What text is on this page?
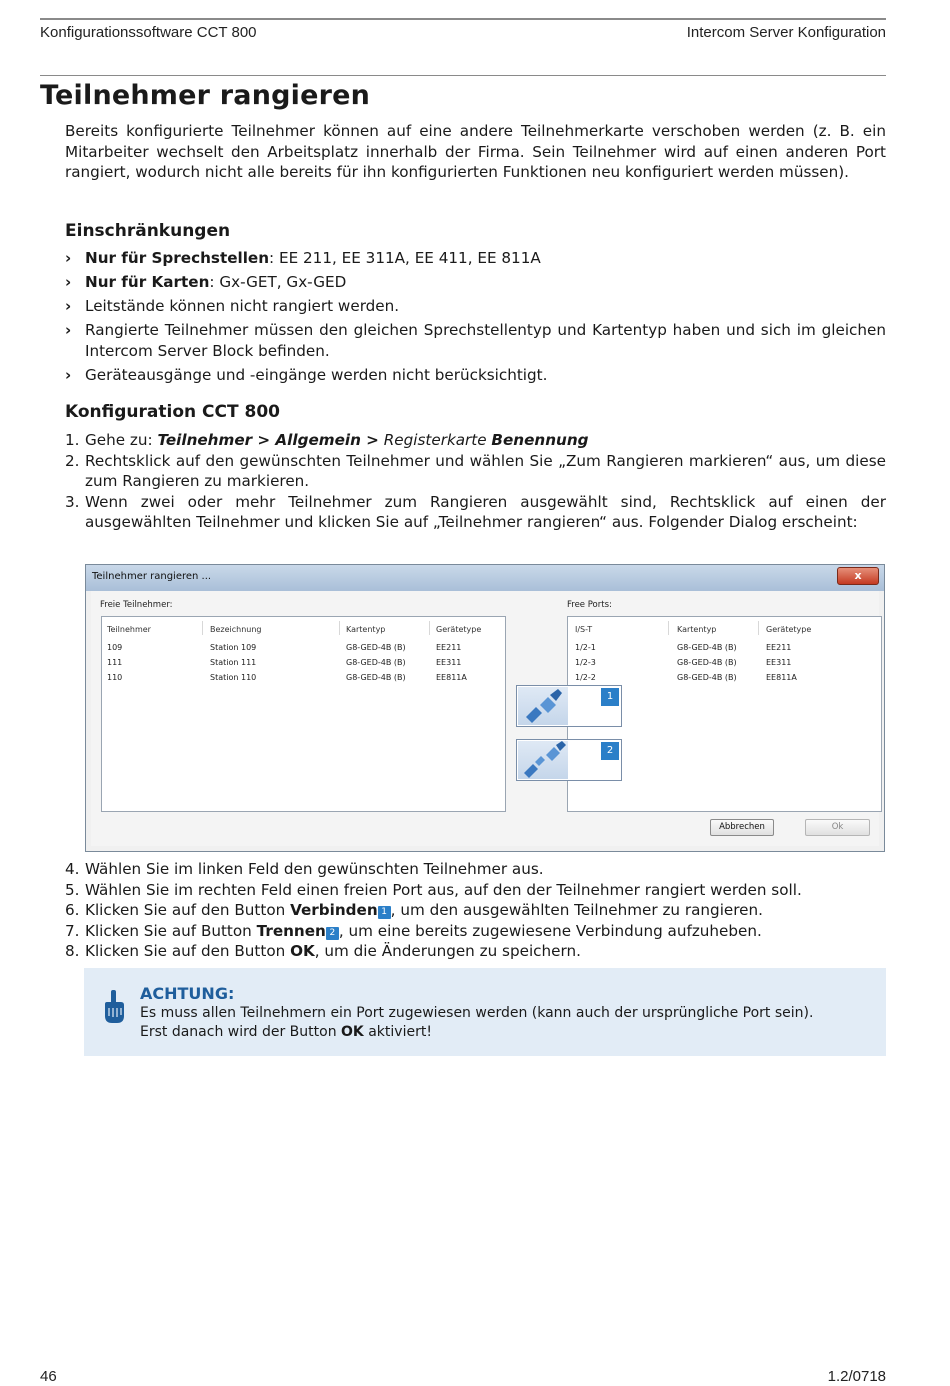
Konfigurationssoftware CCT 800	Intercom Server Konfiguration
Teilnehmer rangieren

Bereits konfigurierte Teilnehmer können auf eine andere Teilnehmerkarte verschoben werden (z. B. ein Mitarbeiter wechselt den Arbeitsplatz innerhalb der Firma. Sein Teilnehmer wird auf einen anderen Port rangiert, wodurch nicht alle bereits für ihn konfigurierten Funktionen neu konfiguriert werden müssen).

Einschränkungen
› Nur für Sprechstellen: EE 211, EE 311A, EE 411, EE 811A
› Nur für Karten: Gx-GET, Gx-GED
› Leitstände können nicht rangiert werden.
› Rangierte Teilnehmer müssen den gleichen Sprechstellentyp und Kartentyp haben und sich im gleichen Intercom Server Block befinden.
› Geräteausgänge und -eingänge werden nicht berücksichtigt.
Konfiguration CCT 800
1. Gehe zu: Teilnehmer > Allgemein > Registerkarte Benennung
2. Rechtsklick auf den gewünschten Teilnehmer und wählen Sie „Zum Rangieren markieren“ aus, um diese zum Rangieren zu markieren.
3. Wenn zwei oder mehr Teilnehmer zum Rangieren ausgewählt sind, Rechtsklick auf einen der ausgewählten Teilnehmer und klicken Sie auf „Teilnehmer rangieren“ aus. Folgender Dialog erscheint:
Teilnehmer rangieren ...	x
Freie Teilnehmer:	Free Ports:
Teilnehmer	Bezeichnung	Kartentyp	Gerätetype
109	Station 109	G8-GED-4B (B)	EE211
111	Station 111	G8-GED-4B (B)	EE311
110	Station 110	G8-GED-4B (B)	EE811A
I/S-T	Kartentyp	Gerätetype
1/2-1	G8-GED-4B (B)	EE211
1/2-3	G8-GED-4B (B)	EE311
1/2-2	G8-GED-4B (B)	EE811A
1
2
Abbrechen	Ok
4. Wählen Sie im linken Feld den gewünschten Teilnehmer aus.
5. Wählen Sie im rechten Feld einen freien Port aus, auf den der Teilnehmer rangiert werden soll.
6. Klicken Sie auf den Button Verbinden 1 , um den ausgewählten Teilnehmer zu rangieren.
7. Klicken Sie auf Button Trennen 2 , um eine bereits zugewiesene Verbindung aufzuheben.
8. Klicken Sie auf den Button OK, um die Änderungen zu speichern.
ACHTUNG:
Es muss allen Teilnehmern ein Port zugewiesen werden (kann auch der ursprüngliche Port sein).
Erst danach wird der Button OK aktiviert!
46	1.2/0718
